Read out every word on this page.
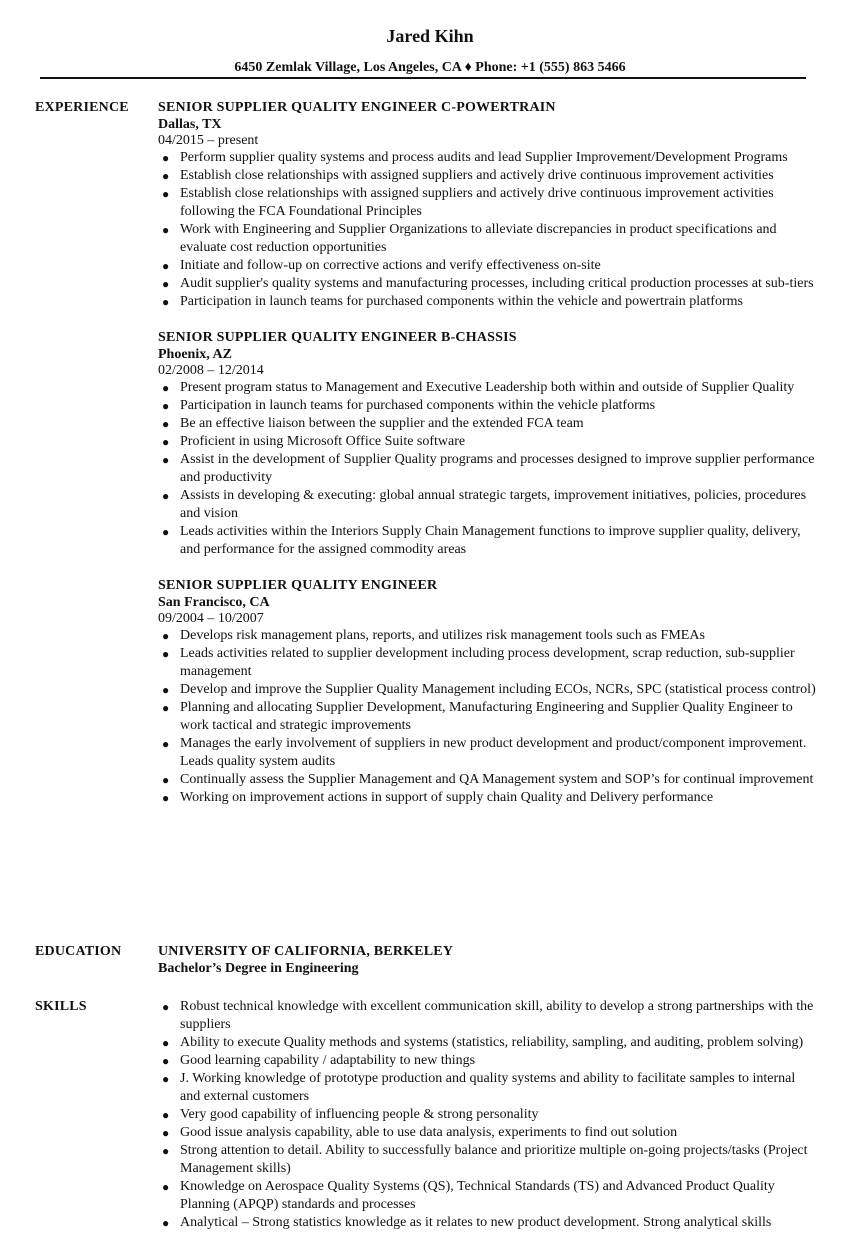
Jared Kihn
6450 Zemlak Village, Los Angeles, CA ♦ Phone: +1 (555) 863 5466
EXPERIENCE SENIOR SUPPLIER QUALITY ENGINEER C-POWERTRAIN
Dallas, TX
04/2015 – present
● Perform supplier quality systems and process audits and lead Supplier Improvement/Development Programs
● Establish close relationships with assigned suppliers and actively drive continuous improvement activities
● Establish close relationships with assigned suppliers and actively drive continuous improvement activities following the FCA Foundational Principles
● Work with Engineering and Supplier Organizations to alleviate discrepancies in product specifications and evaluate cost reduction opportunities
● Initiate and follow-up on corrective actions and verify effectiveness on-site
● Audit supplier's quality systems and manufacturing processes, including critical production processes at sub-tiers
● Participation in launch teams for purchased components within the vehicle and powertrain platforms
SENIOR SUPPLIER QUALITY ENGINEER B-CHASSIS
Phoenix, AZ
02/2008 – 12/2014
● Present program status to Management and Executive Leadership both within and outside of Supplier Quality
● Participation in launch teams for purchased components within the vehicle platforms
● Be an effective liaison between the supplier and the extended FCA team
● Proficient in using Microsoft Office Suite software
● Assist in the development of Supplier Quality programs and processes designed to improve supplier performance and productivity
● Assists in developing & executing: global annual strategic targets, improvement initiatives, policies, procedures and vision
● Leads activities within the Interiors Supply Chain Management functions to improve supplier quality, delivery, and performance for the assigned commodity areas
SENIOR SUPPLIER QUALITY ENGINEER
San Francisco, CA
09/2004 – 10/2007
● Develops risk management plans, reports, and utilizes risk management tools such as FMEAs
● Leads activities related to supplier development including process development, scrap reduction, sub-supplier management
● Develop and improve the Supplier Quality Management including ECOs, NCRs, SPC (statistical process control)
● Planning and allocating Supplier Development, Manufacturing Engineering and Supplier Quality Engineer to work tactical and strategic improvements
● Manages the early involvement of suppliers in new product development and product/component improvement. Leads quality system audits
● Continually assess the Supplier Management and QA Management system and SOP’s for continual improvement
● Working on improvement actions in support of supply chain Quality and Delivery performance
EDUCATION	UNIVERSITY OF CALIFORNIA, BERKELEY
Bachelor’s Degree in Engineering
SKILLS	● Robust technical knowledge with excellent communication skill, ability to develop a strong partnerships with the suppliers
● Ability to execute Quality methods and systems (statistics, reliability, sampling, and auditing, problem solving)
● Good learning capability / adaptability to new things
● J. Working knowledge of prototype production and quality systems and ability to facilitate samples to internal and external customers
● Very good capability of influencing people & strong personality
● Good issue analysis capability, able to use data analysis, experiments to find out solution
● Strong attention to detail. Ability to successfully balance and prioritize multiple on-going projects/tasks (Project Management skills)
● Knowledge on Aerospace Quality Systems (QS), Technical Standards (TS) and Advanced Product Quality Planning (APQP) standards and processes
● Analytical – Strong statistics knowledge as it relates to new product development. Strong analytical skills
